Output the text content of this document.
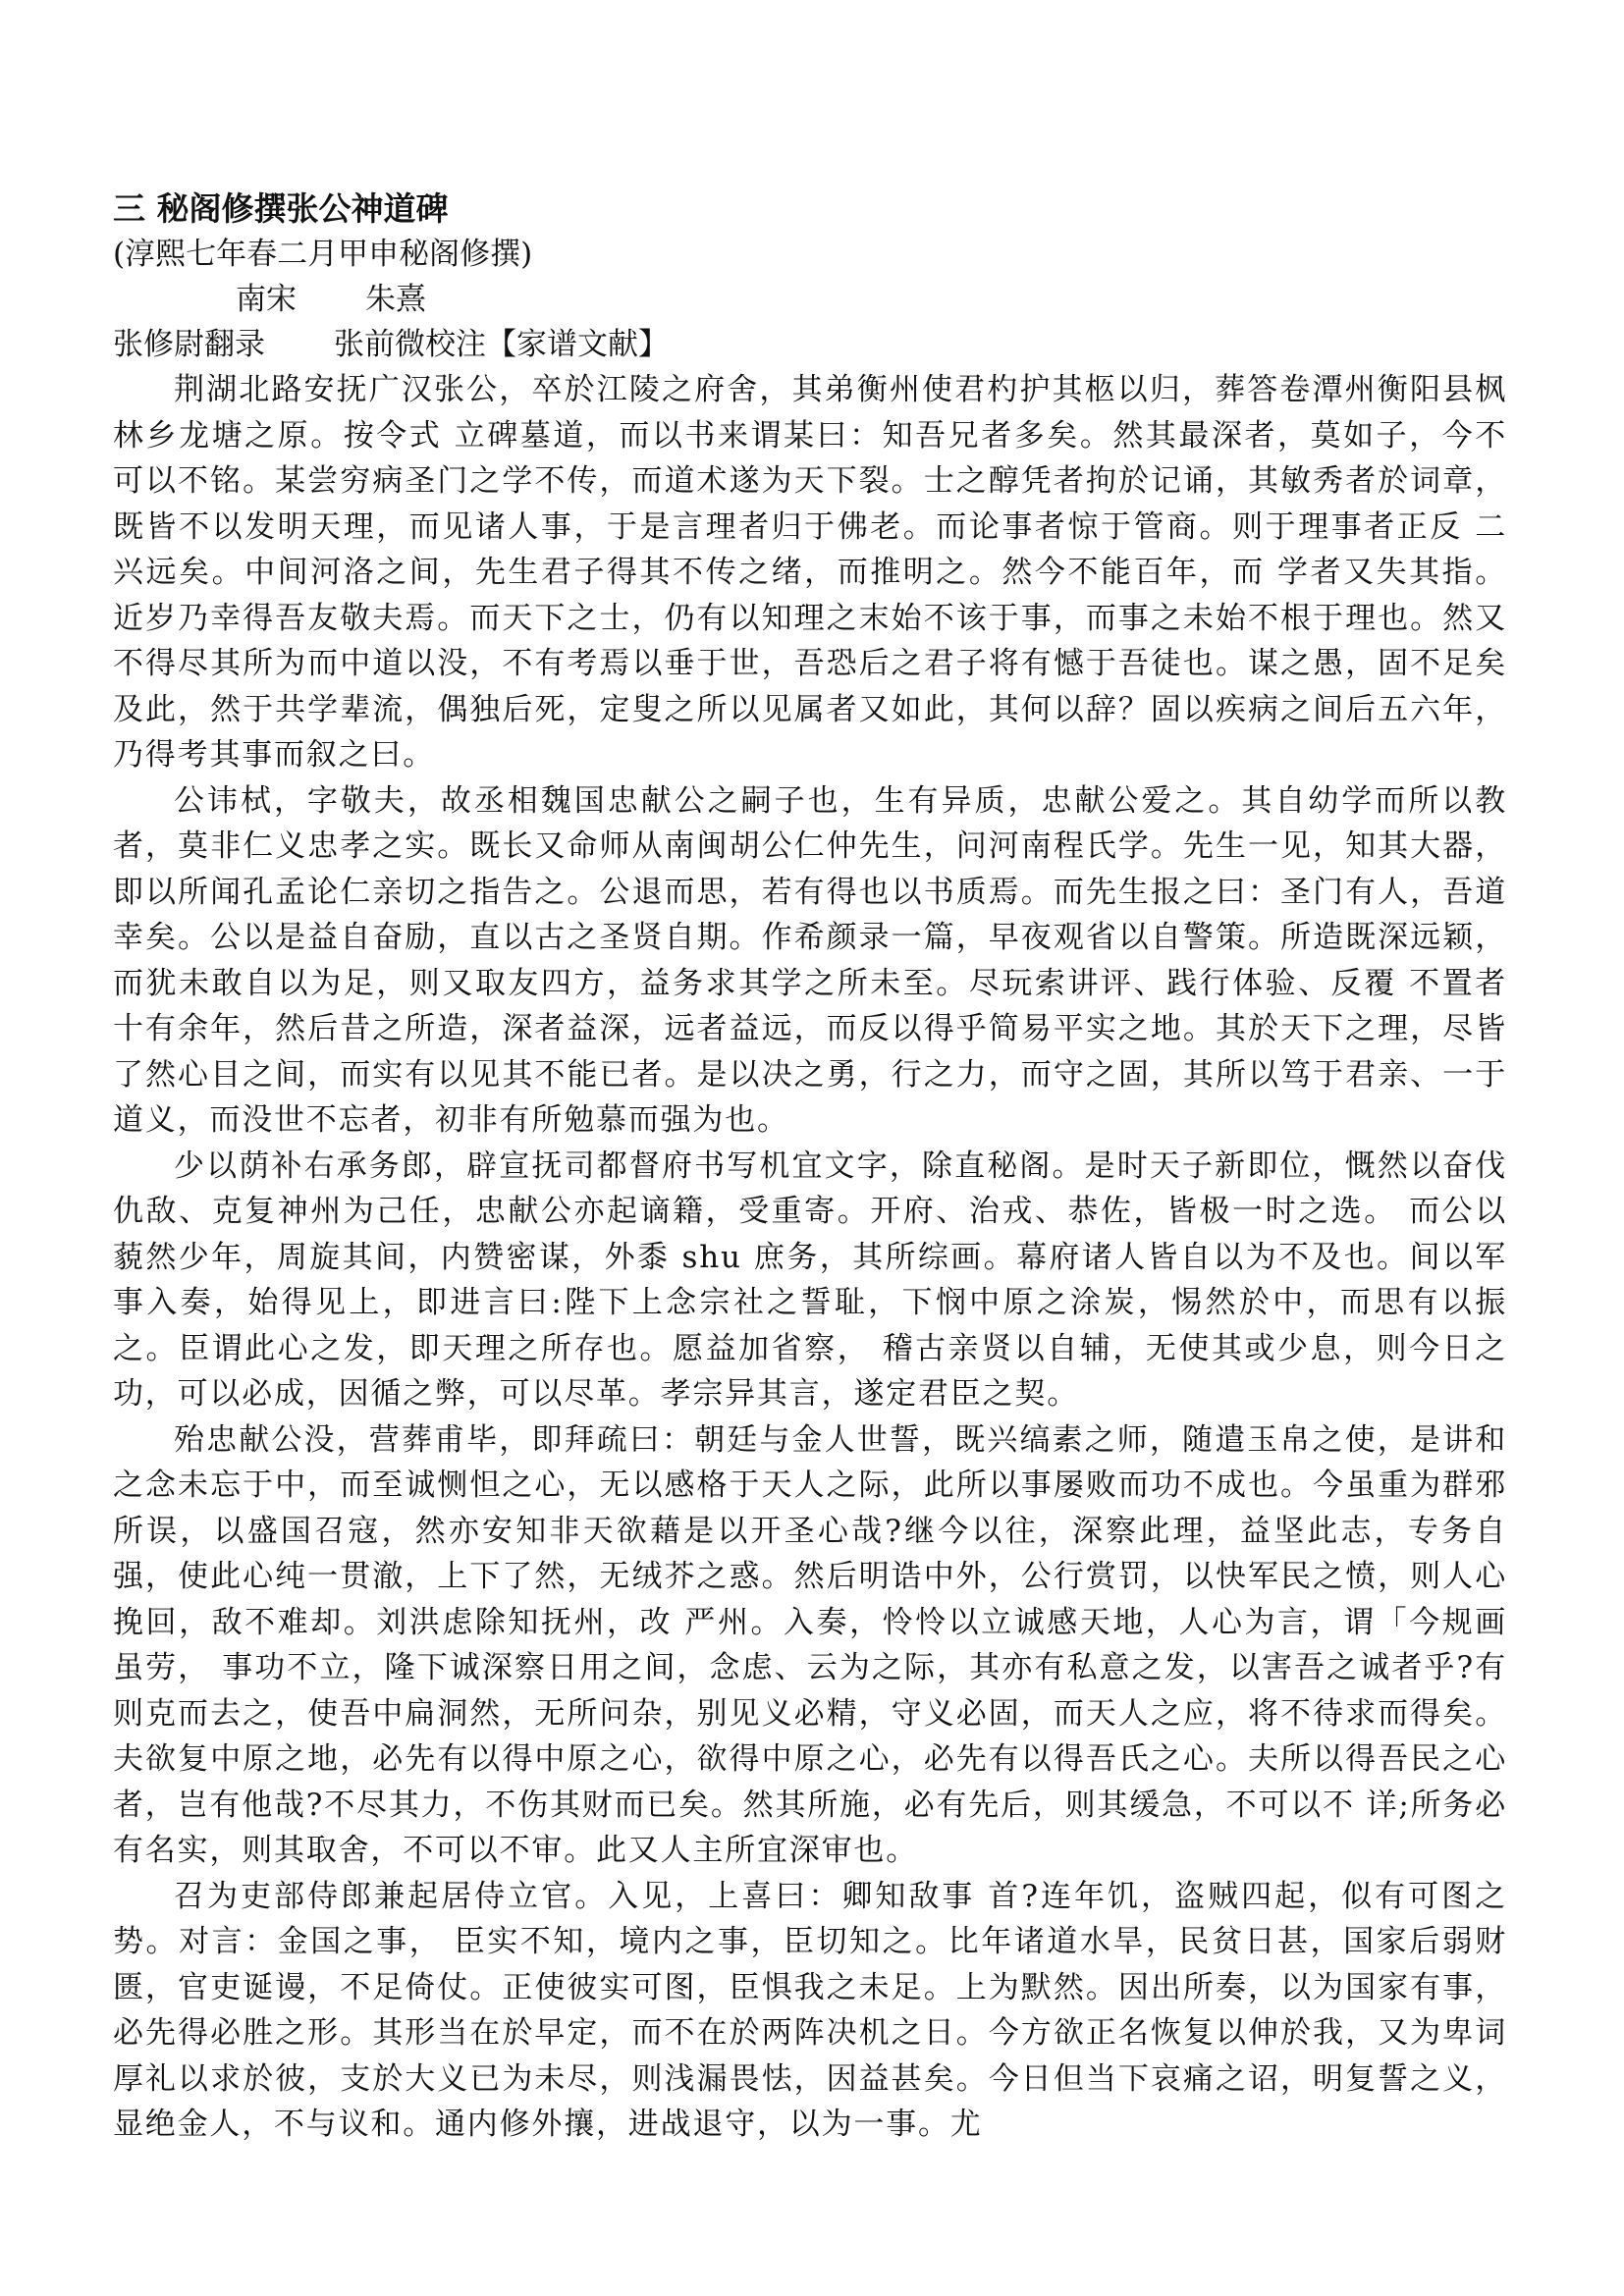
三 秘阁修撰张公神道碑

(淳熙七年春二月甲申秘阁修撰)

南宋 朱熹

张修尉翻录 张前微校注【家谱文献】

荆湖北路安抚广汉张公，卒於江陵之府舍，其弟衡州使君杓护其柩以归，葬答卷潭州衡阳县枫林乡龙塘之原。按令式 立碑墓道，而以书来谓某曰：知吾兄者多矣。然其最深者，莫如子，今不可以不铭。某尝穷病圣门之学不传，而道术遂为天下裂。士之醇凭者拘於记诵，其敏秀者於词章，既皆不以发明天理，而见诸人事，于是言理者归于佛老。而论事者惊于管商。则于理事者正反 二兴远矣。中间河洛之间，先生君子得其不传之绪，而推明之。然今不能百年，而 学者又失其指。近岁乃幸得吾友敬夫焉。而天下之士，仍有以知理之末始不该于事，而事之未始不根于理也。然又不得尽其所为而中道以没，不有考焉以垂于世，吾恐后之君子将有憾于吾徒也。谋之愚，固不足矣及此，然于共学辈流，偶独后死，定叟之所以见属者又如此，其何以辞？固以疾病之间后五六年，乃得考其事而叙之曰。

公讳栻，字敬夫，故丞相魏国忠献公之嗣子也，生有异质，忠献公爱之。其自幼学而所以教者，莫非仁义忠孝之实。既长又命师从南闽胡公仁仲先生，问河南程氏学。先生一见，知其大器，即以所闻孔孟论仁亲切之指告之。公退而思，若有得也以书质焉。而先生报之曰：圣门有人，吾道幸矣。公以是益自奋励，直以古之圣贤自期。作希颜录一篇，早夜观省以自警策。所造既深远颖，而犹未敢自以为足，则又取友四方，益务求其学之所未至。尽玩索讲评、践行体验、反覆 不置者十有余年，然后昔之所造，深者益深，远者益远，而反以得乎简易平实之地。其於天下之理，尽皆了然心目之间，而实有以见其不能已者。是以决之勇，行之力，而守之固，其所以笃于君亲、一于道义，而没世不忘者，初非有所勉慕而强为也。

少以荫补右承务郎，辟宣抚司都督府书写机宜文字，除直秘阁。是时天子新即位，慨然以奋伐仇敌、克复神州为己任，忠献公亦起谪籍，受重寄。开府、治戎、恭佐，皆极一时之选。 而公以藐然少年，周旋其间，内赞密谋，外黍 shu 庶务，其所综画。幕府诸人皆自以为不及也。间以军事入奏，始得见上，即进言曰:陛下上念宗社之誓耻，下悯中原之涂炭，惕然於中，而思有以振之。臣谓此心之发，即天理之所存也。愿益加省察， 稽古亲贤以自辅，无使其或少息，则今日之功，可以必成，因循之弊，可以尽革。孝宗异其言，遂定君臣之契。

殆忠献公没，营葬甫毕，即拜疏曰：朝廷与金人世誓，既兴缟素之师，随遣玉帛之使，是讲和之念未忘于中，而至诚恻怛之心，无以感格于天人之际，此所以事屡败而功不成也。今虽重为群邪所误，以盛国召寇，然亦安知非天欲藉是以开圣心哉?继今以往，深察此理，益坚此志，专务自强，使此心纯一贯澈，上下了然，无绒芥之惑。然后明诰中外，公行赏罚，以快军民之愤，则人心挽回，敌不难却。刘洪虑除知抚州，改 严州。入奏，怜怜以立诚感天地，人心为言，谓「今规画虽劳， 事功不立，隆下诚深察日用之间，念虑、云为之际，其亦有私意之发，以害吾之诚者乎?有则克而去之，使吾中扁洞然，无所问杂，别见义必精，守义必固，而天人之应，将不待求而得矣。 夫欲复中原之地，必先有以得中原之心，欲得中原之心，必先有以得吾氏之心。夫所以得吾民之心者，岂有他哉?不尽其力，不伤其财而已矣。然其所施，必有先后，则其缓急，不可以不 详;所务必有名实，则其取舍，不可以不审。此又人主所宜深审也。

召为吏部侍郎兼起居侍立官。入见，上喜曰：卿知敌事 首?连年饥，盗贼四起，似有可图之势。对言：金国之事， 臣实不知，境内之事，臣切知之。比年诸道水旱，民贫日甚，国家后弱财匮，官吏诞谩，不足倚仗。正使彼实可图，臣惧我之未足。上为默然。因出所奏，以为国家有事，必先得必胜之形。其形当在於早定，而不在於两阵决机之日。今方欲正名恢复以伸於我，又为卑词厚礼以求於彼，支於大义已为未尽，则浅漏畏怯，因益甚矣。今日但当下哀痛之诏，明复誓之义，显绝金人，不与议和。通内修外攘，进战退守，以为一事。尤
